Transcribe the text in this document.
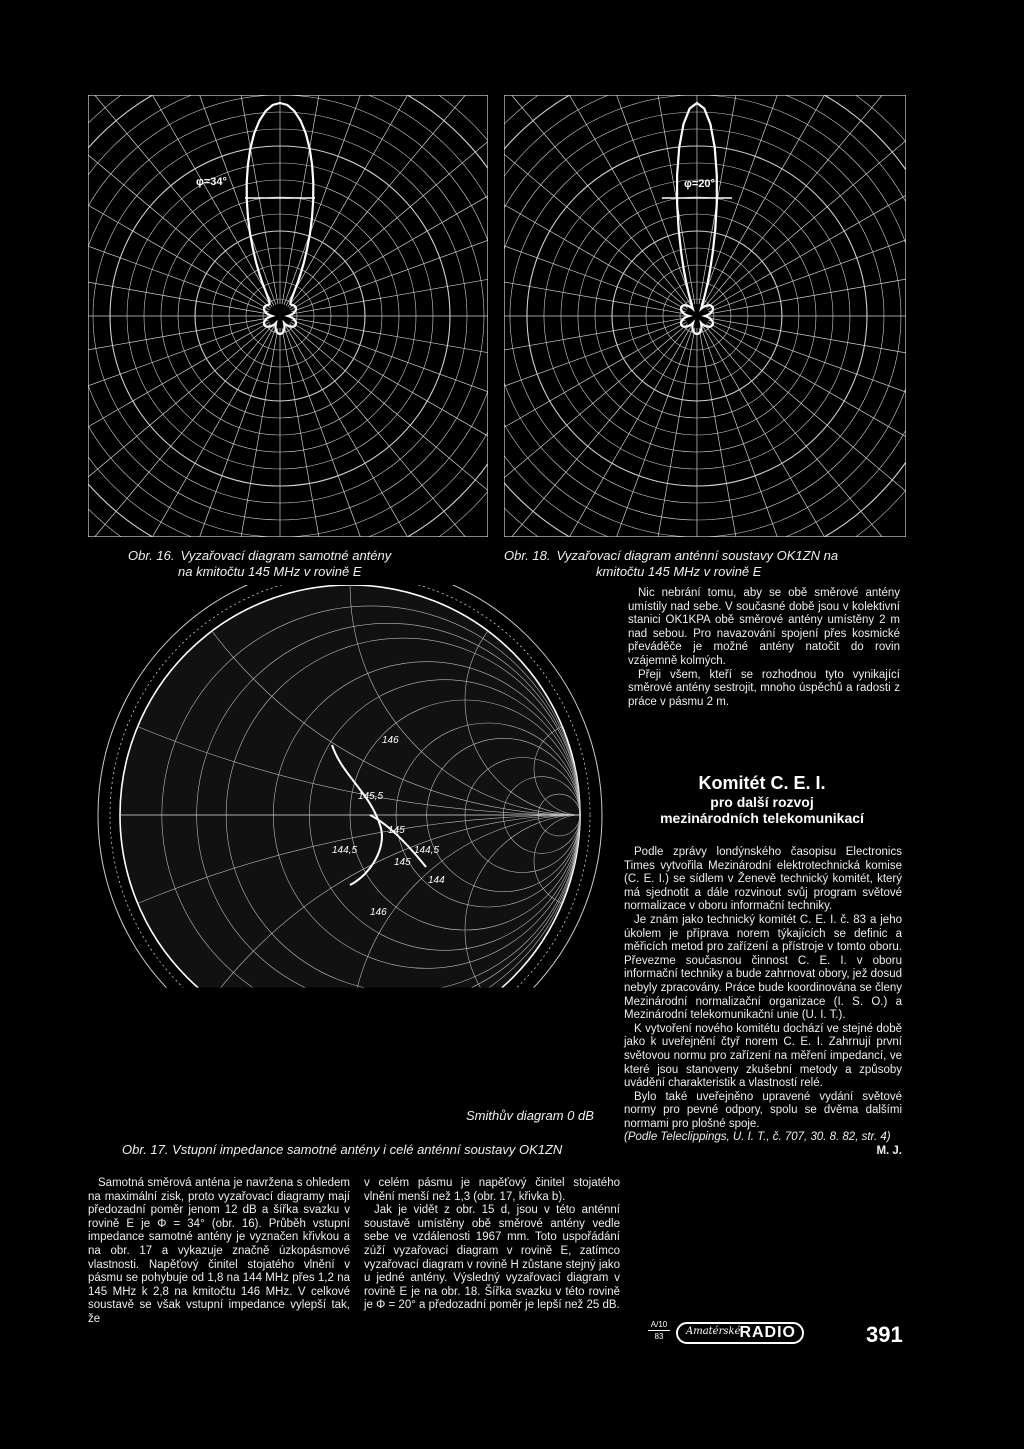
φ=34°	φ=20°
Obr. 16. Vyzařovací diagram samotné antény
na kmitočtu 145 MHz v rovině E
Obr. 18. Vyzařovací diagram anténní soustavy OK1ZN na
kmitočtu 145 MHz v rovině E
146
145,5
145
144,5
146
145
144,5
144
Smithův diagram 0 dB
Obr. 17. Vstupní impedance samotné antény i celé anténní soustavy OK1ZN

Nic nebrání tomu, aby se obě směrové antény umístily nad sebe. V současné době jsou v kolektivní stanici OK1KPA obě směrové antény umístěny 2 m nad sebou. Pro navazování spojení přes kosmické převáděče je možné antény natočit do rovin vzájemně kolmých.

Přeji všem, kteří se rozhodnou tyto vynikající směrové antény sestrojit, mnoho úspěchů a radosti z práce v pásmu 2 m.

Komitét C. E. I.
pro další rozvoj
mezinárodních telekomunikací

Podle zprávy londýnského časopisu Electronics Times vytvořila Mezinárodní elektrotechnická komise (C. E. I.) se sídlem v Ženevě technický komitét, který má sjednotit a dále rozvinout svůj program světové normalizace v oboru informační techniky.

Je znám jako technický komitét C. E. I. č. 83 a jeho úkolem je příprava norem týkajících se definic a měřicích metod pro zařízení a přístroje v tomto oboru. Převezme současnou činnost C. E. I. v oboru informační techniky a bude zahrnovat obory, jež dosud nebyly zpracovány. Práce bude koordinována se členy Mezinárodní normalizační organizace (I. S. O.) a Mezinárodní telekomunikační unie (U. I. T.).

K vytvoření nového komitétu dochází ve stejné době jako k uveřejnění čtyř norem C. E. I. Zahrnují první světovou normu pro zařízení na měření impedancí, ve které jsou stanoveny zkušební metody a způsoby uvádění charakteristik a vlastností relé.

Bylo také uveřejněno upravené vydání světové normy pro pevné odpory, spolu se dvěma dalšími normami pro plošné spoje.

(Podle Teleclippings, U. I. T., č. 707, 30. 8. 82, str. 4)

M. J.

Samotná směrová anténa je navržena s ohledem na maximální zisk, proto vyzařovací diagramy mají předozadní poměr jenom 12 dB a šířka svazku v rovině E je Φ = 34° (obr. 16). Průběh vstupní impedance samotné antény je vyznačen křivkou a na obr. 17 a vykazuje značně úzkopásmové vlastnosti. Napěťový činitel stojatého vlnění v pásmu se pohybuje od 1,8 na 144 MHz přes 1,2 na 145 MHz k 2,8 na kmitočtu 146 MHz. V celkové soustavě se však vstupní impedance vylepší tak, že

v celém pásmu je napěťový činitel stojatého vlnění menší než 1,3 (obr. 17, křivka b).

Jak je vidět z obr. 15 d, jsou v této anténní soustavě umístěny obě směrové antény vedle sebe ve vzdálenosti 1967 mm. Toto uspořádání zúží vyzařovací diagram v rovině E, zatímco vyzařovací diagram v rovině H zůstane stejný jako u jedné antény. Výsledný vyzařovací diagram v rovině E je na obr. 18. Šířka svazku v této rovině je Φ = 20° a předozadní poměr je lepší než 25 dB.

A/10
83	Amatérské
RADIO	391
